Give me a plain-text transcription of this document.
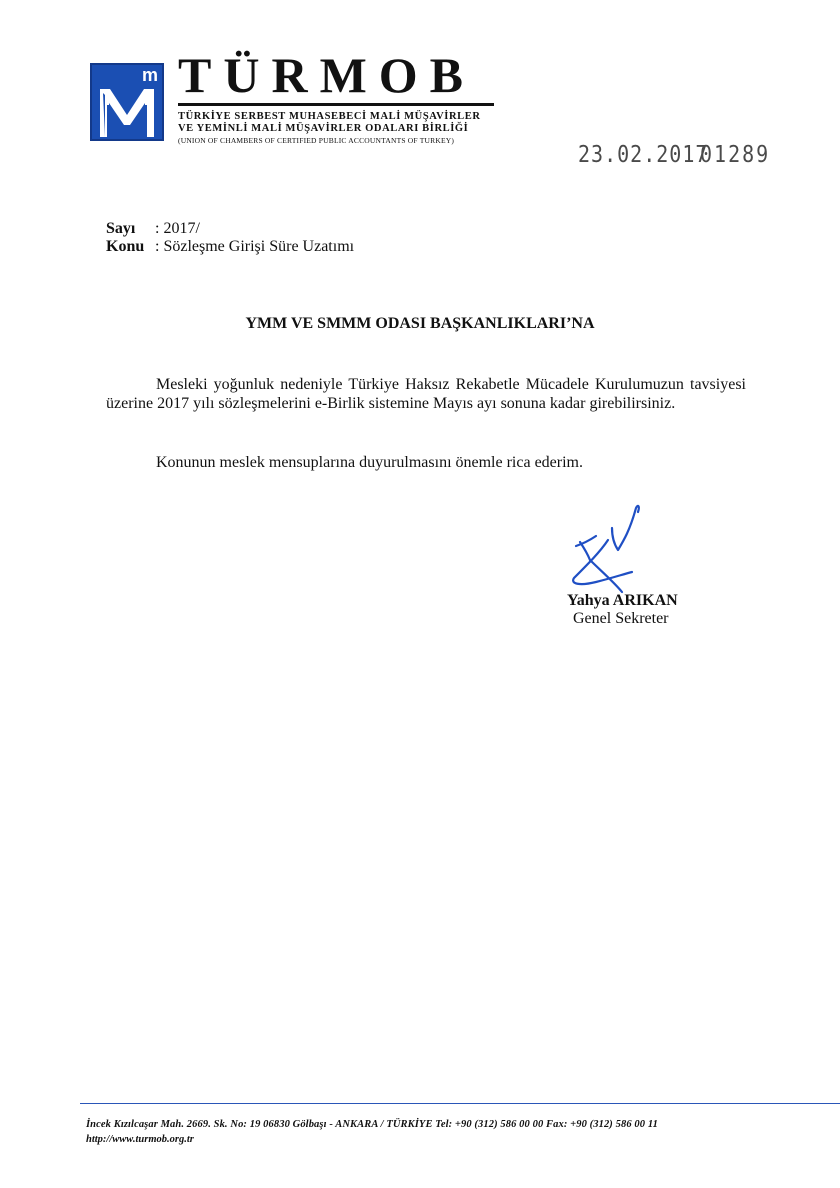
m TÜRMOB
TÜRKİYE SERBEST MUHASEBECİ MALİ MÜŞAVİRLER
VE YEMİNLİ MALİ MÜŞAVİRLER ODALARI BİRLİĞİ
(UNION OF CHAMBERS OF CERTIFIED PUBLIC ACCOUNTANTS OF TURKEY)	23.02.2017
01289
Sayı : 2017/
Konu : Sözleşme Girişi Süre Uzatımı
YMM VE SMMM ODASI BAŞKANLIKLARI’NA
Mesleki yoğunluk nedeniyle Türkiye Haksız Rekabetle Mücadele Kurulumuzun tavsiyesi üzerine 2017 yılı sözleşmelerini e-Birlik sistemine Mayıs ayı sonuna kadar girebilirsiniz.
Konunun meslek mensuplarına duyurulmasını önemle rica ederim.
Yahya ARIKAN
Genel Sekreter
İncek Kızılcaşar Mah. 2669. Sk. No: 19 06830 Gölbaşı - ANKARA / TÜRKİYE Tel: +90 (312) 586 00 00 Fax: +90 (312) 586 00 11
http://www.turmob.org.tr
